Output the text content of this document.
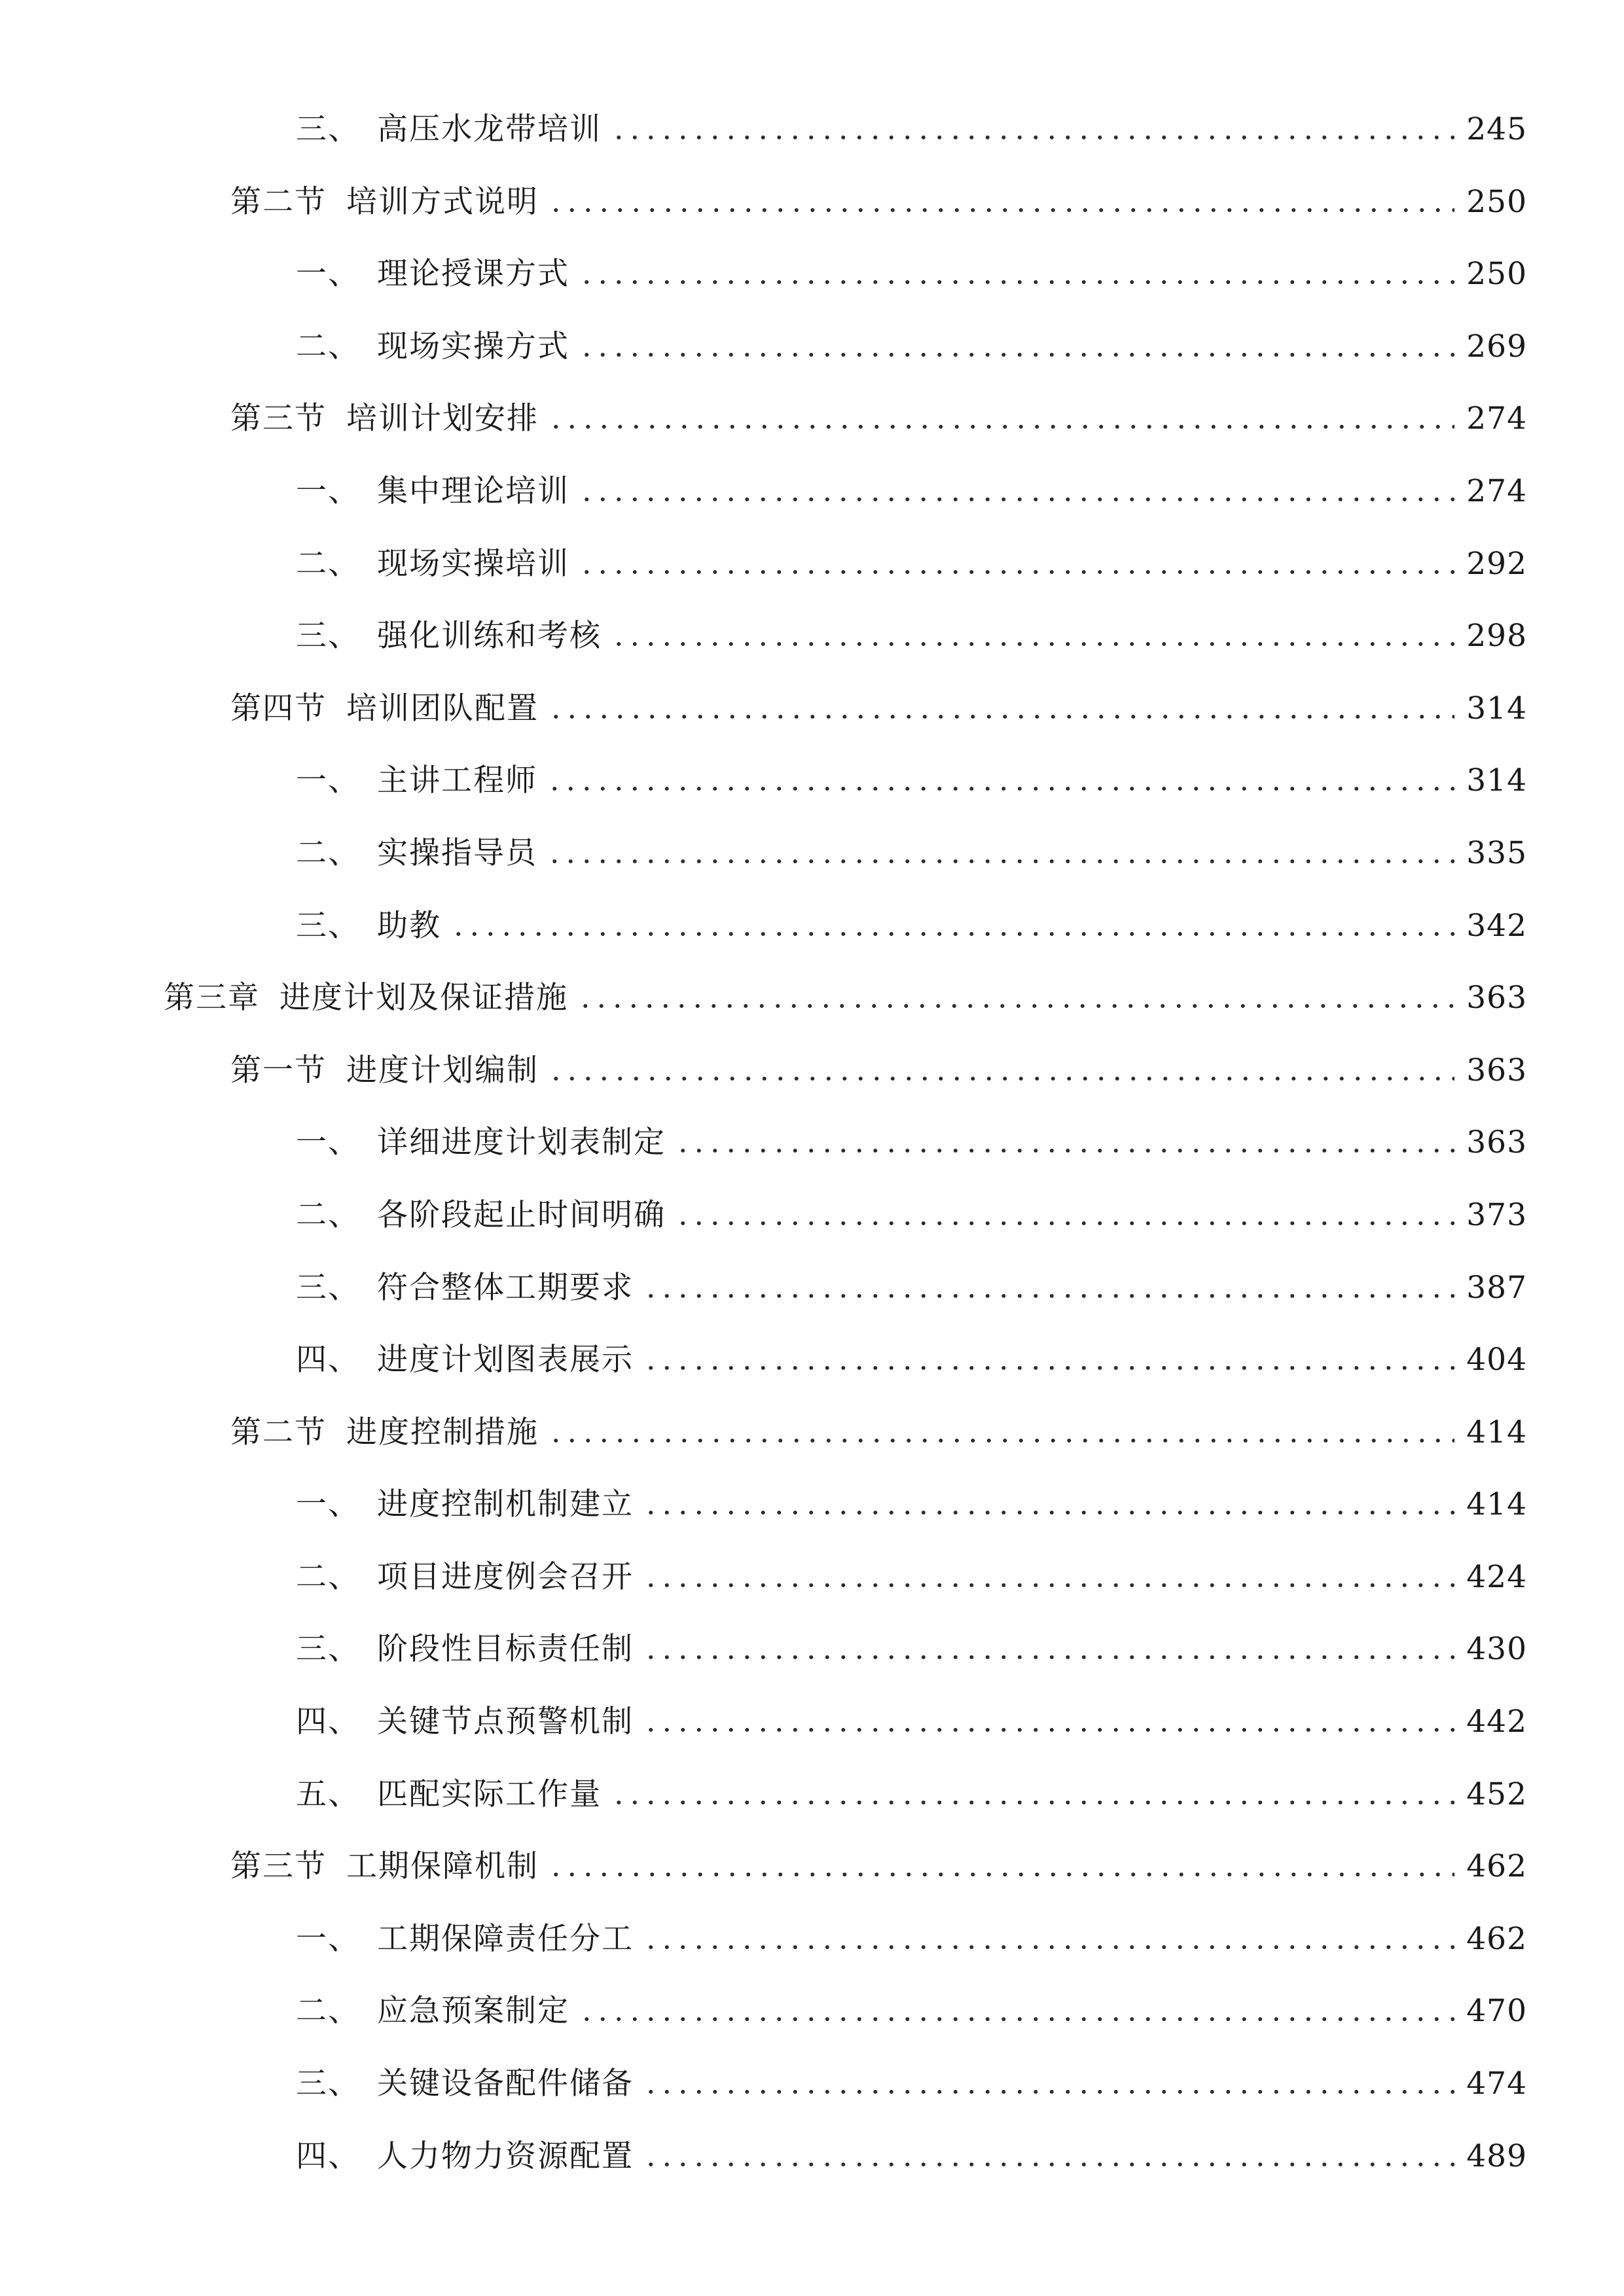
三、 高压水龙带培训	245
第二节 培训方式说明	250
一、 理论授课方式	250
二、 现场实操方式	269
第三节 培训计划安排	274
一、 集中理论培训	274
二、 现场实操培训	292
三、 强化训练和考核	298
第四节 培训团队配置	314
一、 主讲工程师	314
二、 实操指导员	335
三、 助教	342
第三章 进度计划及保证措施	363
第一节 进度计划编制	363
一、 详细进度计划表制定	363
二、 各阶段起止时间明确	373
三、 符合整体工期要求	387
四、 进度计划图表展示	404
第二节 进度控制措施	414
一、 进度控制机制建立	414
二、 项目进度例会召开	424
三、 阶段性目标责任制	430
四、 关键节点预警机制	442
五、 匹配实际工作量	452
第三节 工期保障机制	462
一、 工期保障责任分工	462
二、 应急预案制定	470
三、 关键设备配件储备	474
四、 人力物力资源配置	489
